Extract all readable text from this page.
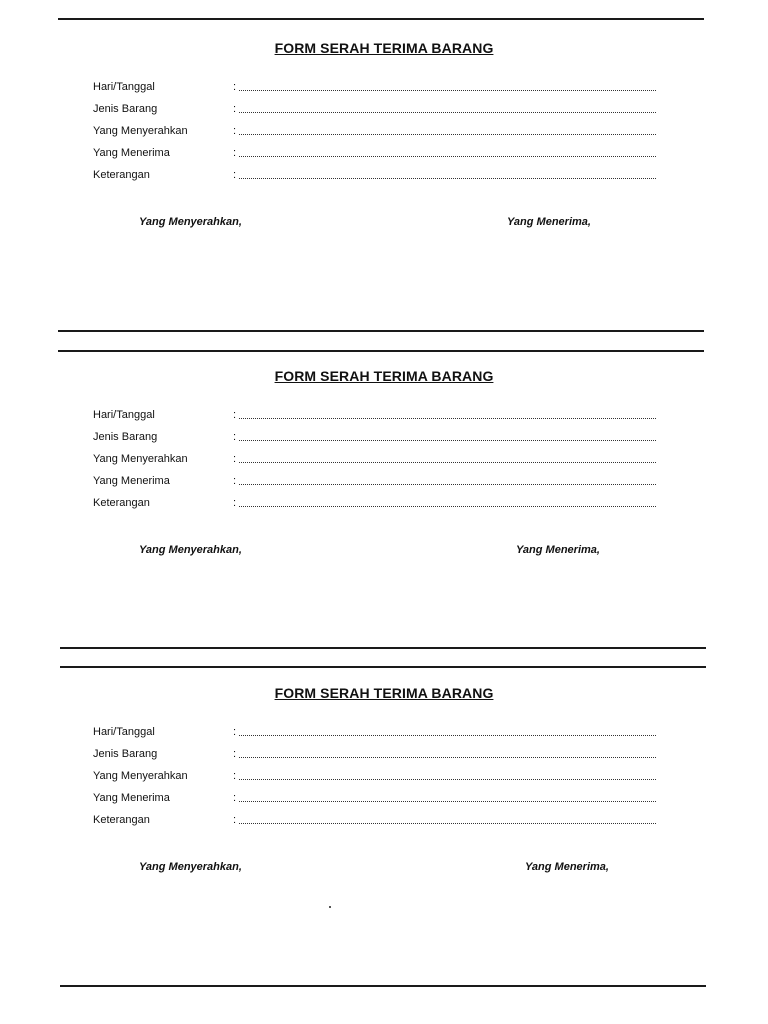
FORM SERAH TERIMA BARANG
Hari/Tanggal	:
Jenis Barang	:
Yang Menyerahkan	:
Yang Menerima	:
Keterangan	:
Yang Menyerahkan,	Yang Menerima,
FORM SERAH TERIMA BARANG
Hari/Tanggal	:
Jenis Barang	:
Yang Menyerahkan	:
Yang Menerima	:
Keterangan	:
Yang Menyerahkan,	Yang Menerima,
FORM SERAH TERIMA BARANG
Hari/Tanggal	:
Jenis Barang	:
Yang Menyerahkan	:
Yang Menerima	:
Keterangan	:
Yang Menyerahkan,	Yang Menerima,
